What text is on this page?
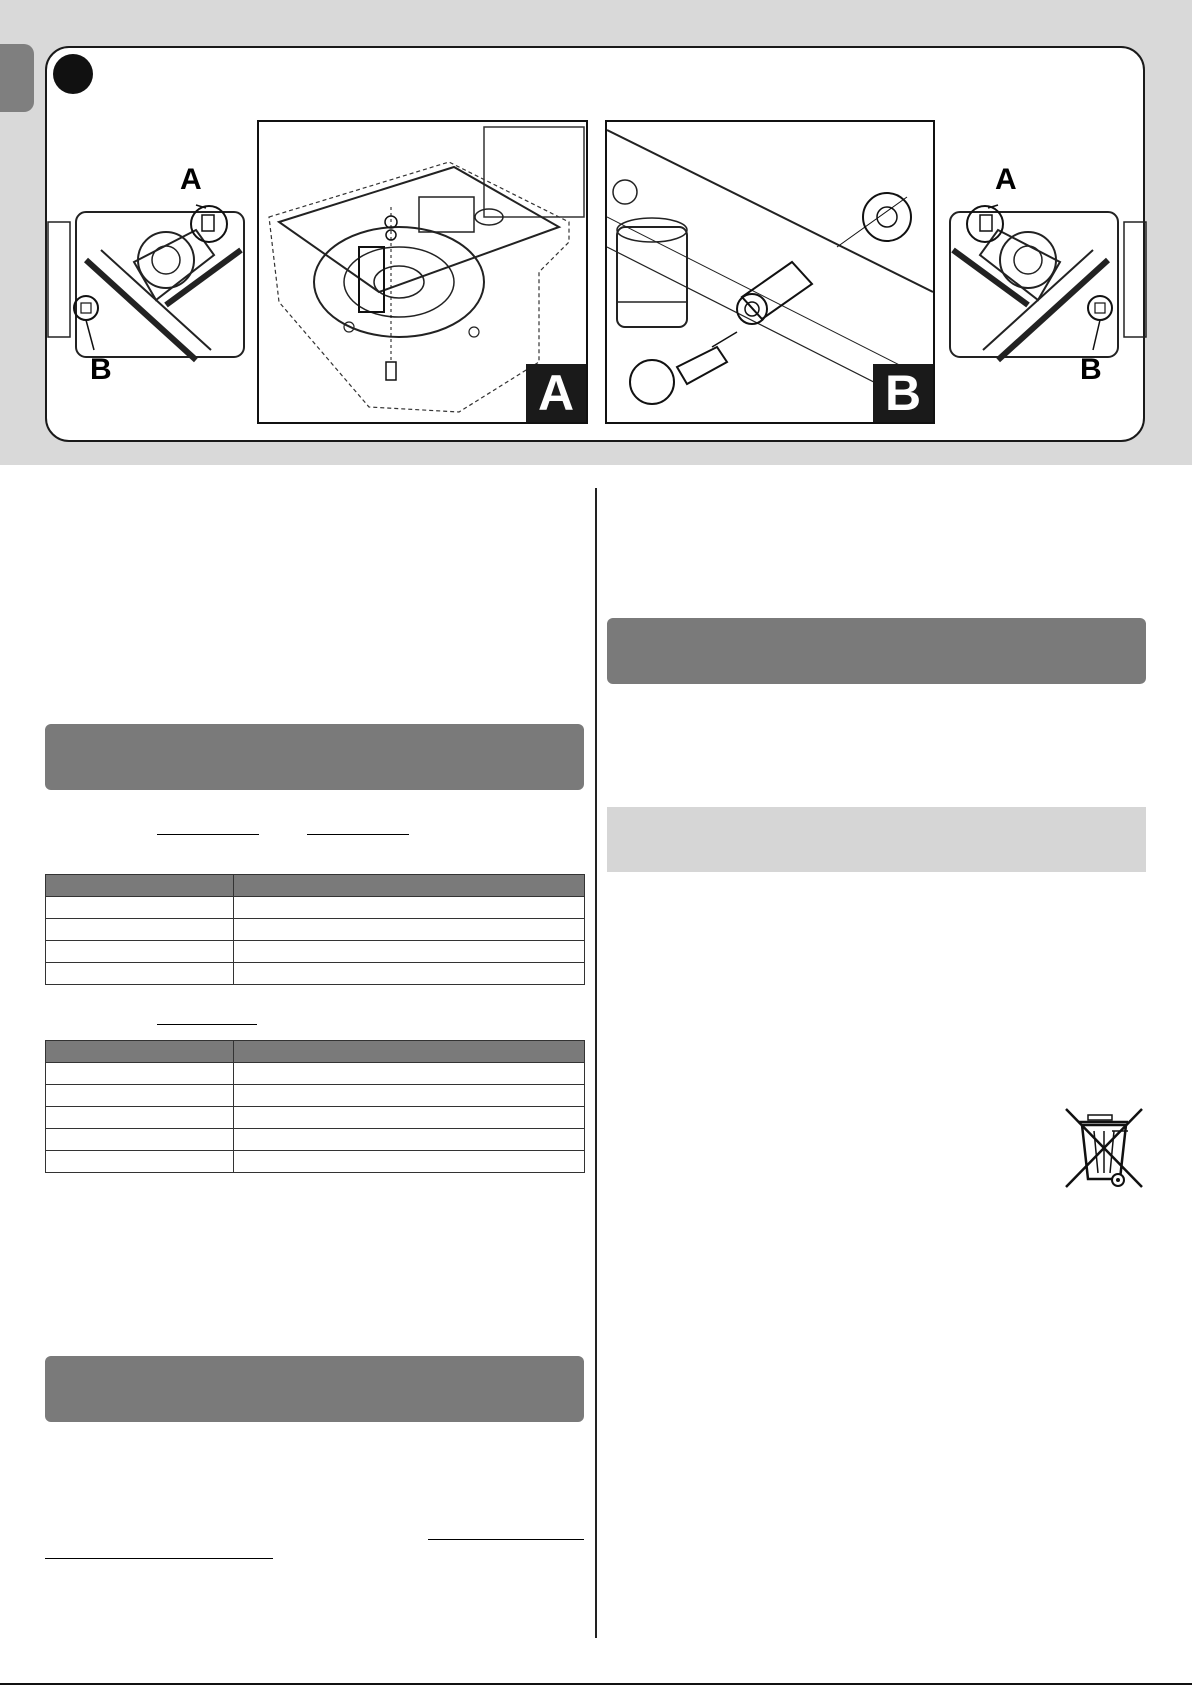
A
B	A	B
A
B
